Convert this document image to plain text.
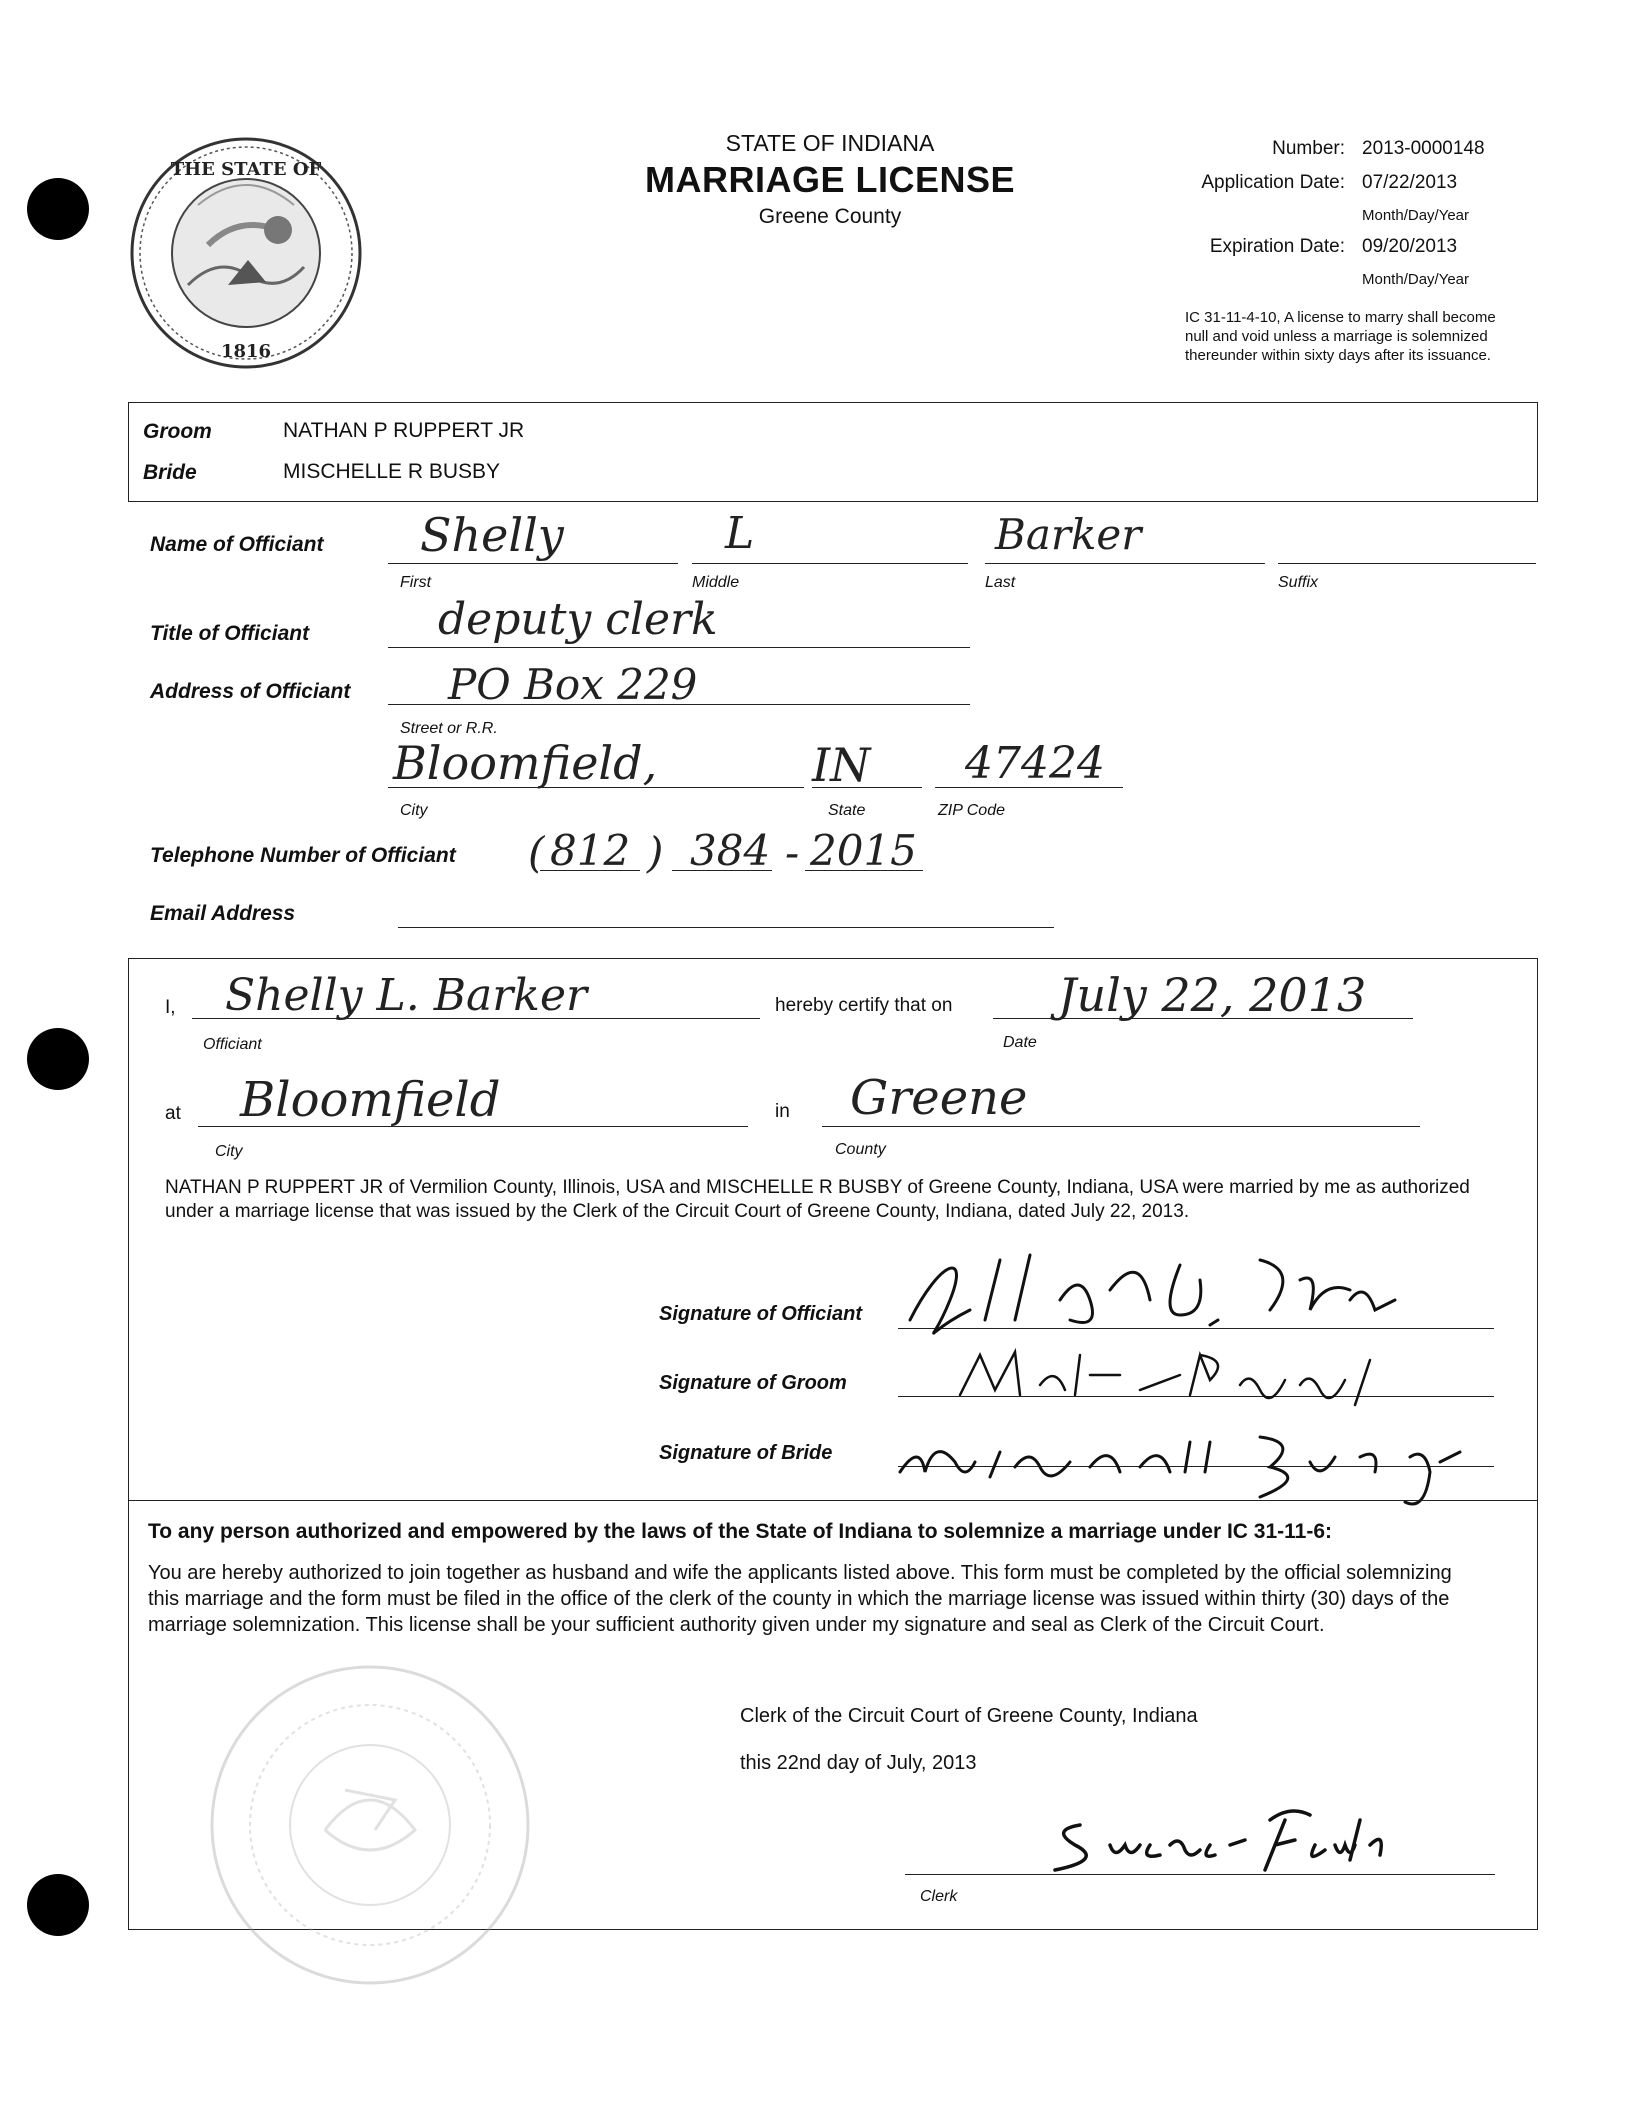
THE STATE OF
1816
STATE OF INDIANA
MARRIAGE LICENSE
Greene County
Number: 2013-0000148
Application Date: 07/22/2013
Month/Day/Year
Expiration Date: 09/20/2013
Month/Day/Year
IC 31-11-4-10, A license to marry shall become null and void unless a marriage is solemnized thereunder within sixty days after its issuance.
Groom	NATHAN P RUPPERT JR
Bride	MISCHELLE R BUSBY
Name of Officiant Shelly
First
L
Middle
Barker
Last	Suffix
Title of Officiant	deputy clerk
Address of Officiant PO Box 229
Street or R.R.
Bloomfield,
City
IN
State
47424
ZIP Code
Telephone Number of Officiant ( 812 ) 384 - 2015
Email Address
I, Shelly L. Barker
Officiant
hereby certify that on July 22, 2013
Date
at Bloomfield
City
in Greene
County
NATHAN P RUPPERT JR of Vermilion County, Illinois, USA and MISCHELLE R BUSBY of Greene County, Indiana, USA were married by me as authorized under a marriage license that was issued by the Clerk of the Circuit Court of Greene County, Indiana, dated July 22, 2013.
Signature of Officiant
Signature of Groom
Signature of Bride
To any person authorized and empowered by the laws of the State of Indiana to solemnize a marriage under IC 31-11-6:
You are hereby authorized to join together as husband and wife the applicants listed above. This form must be completed by the official solemnizing this marriage and the form must be filed in the office of the clerk of the county in which the marriage license was issued within thirty (30) days of the marriage solemnization. This license shall be your sufficient authority given under my signature and seal as Clerk of the Circuit Court.
Clerk of the Circuit Court of Greene County, Indiana
this 22nd day of July, 2013
Clerk
